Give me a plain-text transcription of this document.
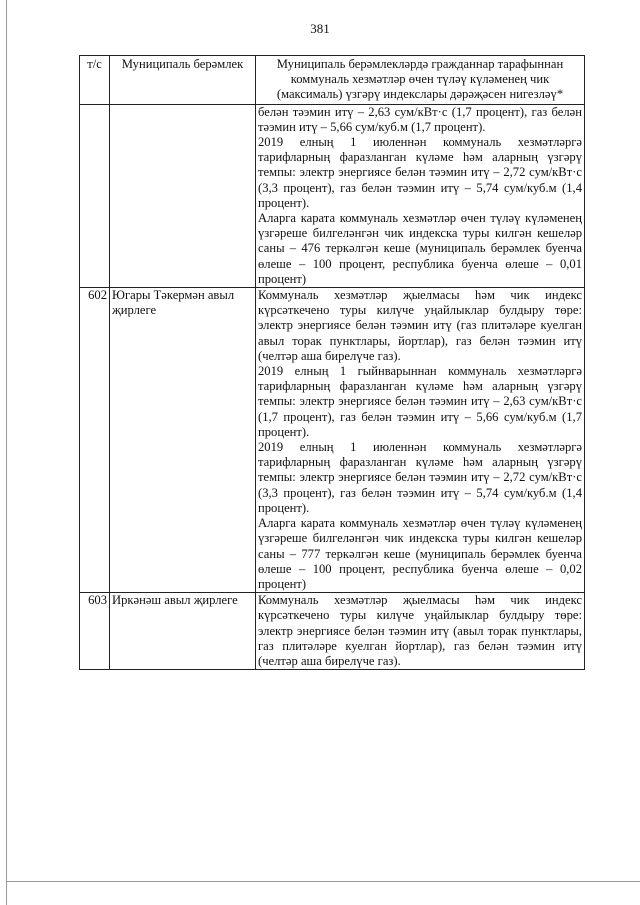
381
т/с	Муниципаль берәмлек	Муниципаль берәмлекләрдә гражданнар тарафыннан коммуналь хезмәтләр өчен түләү күләменең чик (максималь) үзгәрү индекслары дәрәҗәсен нигезләү*

		белән тәэмин итү – 2,63 сум/кВт·с (1,7 процент), газ белән тәэмин итү – 5,66 сум/куб.м (1,7 процент).

2019 елның 1 июленнән коммуналь хезмәтләргә тарифларның фаразланган күләме һәм аларның үзгәрү темпы: электр энергиясе белән тәэмин итү – 2,72 сум/кВт·с (3,3 процент), газ белән тәэмин итү – 5,74 сум/куб.м (1,4 процент).

Аларга карата коммуналь хезмәтләр өчен түләү күләменең үзгәреше билгеләнгән чик индекска туры килгән кешеләр саны – 476 теркәлгән кеше (муниципаль берәмлек буенча өлеше – 100 процент, республика буенча өлеше – 0,01 процент)

602	Югары Тәкермән авыл җирлеге	Коммуналь хезмәтләр җыелмасы һәм чик индекс күрсәткечено туры килүче уңайлыклар булдыру төре: электр энергиясе белән тәэмин итү (газ плитәләре куелган авыл торак пунктлары, йортлар), газ белән тәэмин итү (челтәр аша бирелүче газ).

2019 елның 1 гыйнварыннан коммуналь хезмәтләргә тарифларның фаразланган күләме һәм аларның үзгәрү темпы: электр энергиясе белән тәэмин итү – 2,63 сум/кВт·с (1,7 процент), газ белән тәэмин итү – 5,66 сум/куб.м (1,7 процент).

2019 елның 1 июленнән коммуналь хезмәтләргә тарифларның фаразланган күләме һәм аларның үзгәрү темпы: электр энергиясе белән тәэмин итү – 2,72 сум/кВт·с (3,3 процент), газ белән тәэмин итү – 5,74 сум/куб.м (1,4 процент).

Аларга карата коммуналь хезмәтләр өчен түләү күләменең үзгәреше билгеләнгән чик индекска туры килгән кешеләр саны – 777 теркәлгән кеше (муниципаль берәмлек буенча өлеше – 100 процент, республика буенча өлеше – 0,02 процент)

603	Иркәнәш авыл җирлеге	Коммуналь хезмәтләр җыелмасы һәм чик индекс күрсәткечено туры килүче уңайлыклар булдыру төре: электр энергиясе белән тәэмин итү (авыл торак пунктлары, газ плитәләре куелган йортлар), газ белән тәэмин итү (челтәр аша бирелүче газ).
